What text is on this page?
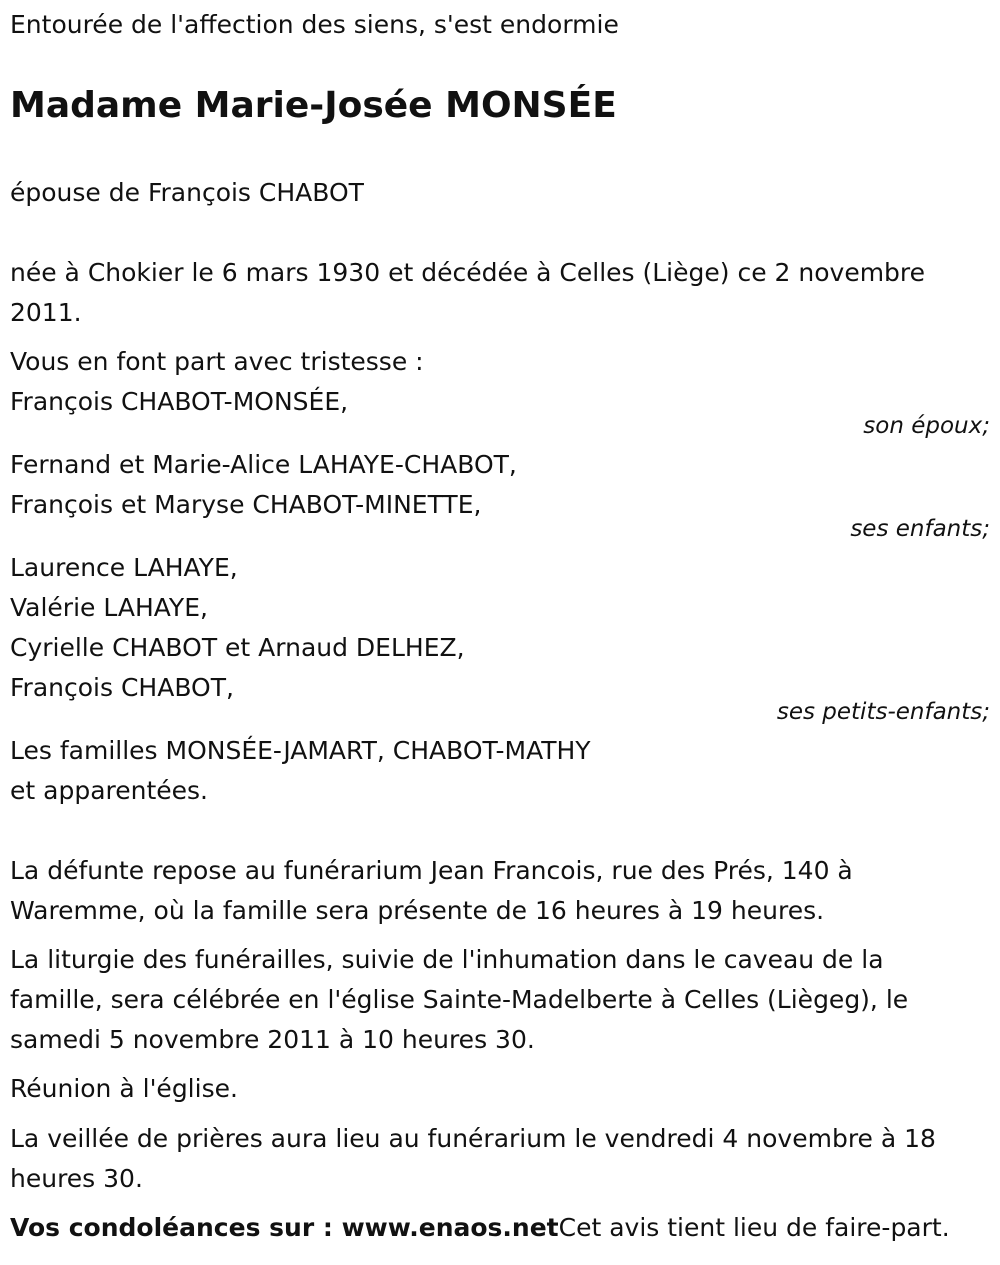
Entourée de l'affection des siens, s'est endormie
Madame Marie-Josée MONSÉE
épouse de François CHABOT
née à Chokier le 6 mars 1930 et décédée à Celles (Liège) ce 2 novembre 2011.
Vous en font part avec tristesse :
François CHABOT-MONSÉE,
son époux;
Fernand et Marie-Alice LAHAYE-CHABOT,
François et Maryse CHABOT-MINETTE,
ses enfants;
Laurence LAHAYE,
Valérie LAHAYE,
Cyrielle CHABOT et Arnaud DELHEZ,
François CHABOT,
ses petits-enfants;
Les familles MONSÉE-JAMART, CHABOT-MATHY
et apparentées.
La défunte repose au funérarium Jean Francois, rue des Prés, 140 à Waremme, où la famille sera présente de 16 heures à 19 heures.
La liturgie des funérailles, suivie de l'inhumation dans le caveau de la famille, sera célébrée en l'église Sainte-Madelberte à Celles (Liègeg), le samedi 5 novembre 2011 à 10 heures 30.
Réunion à l'église.
La veillée de prières aura lieu au funérarium le vendredi 4 novembre à 18 heures 30.
Vos condoléances sur : www.enaos.netCet avis tient lieu de faire-part.
